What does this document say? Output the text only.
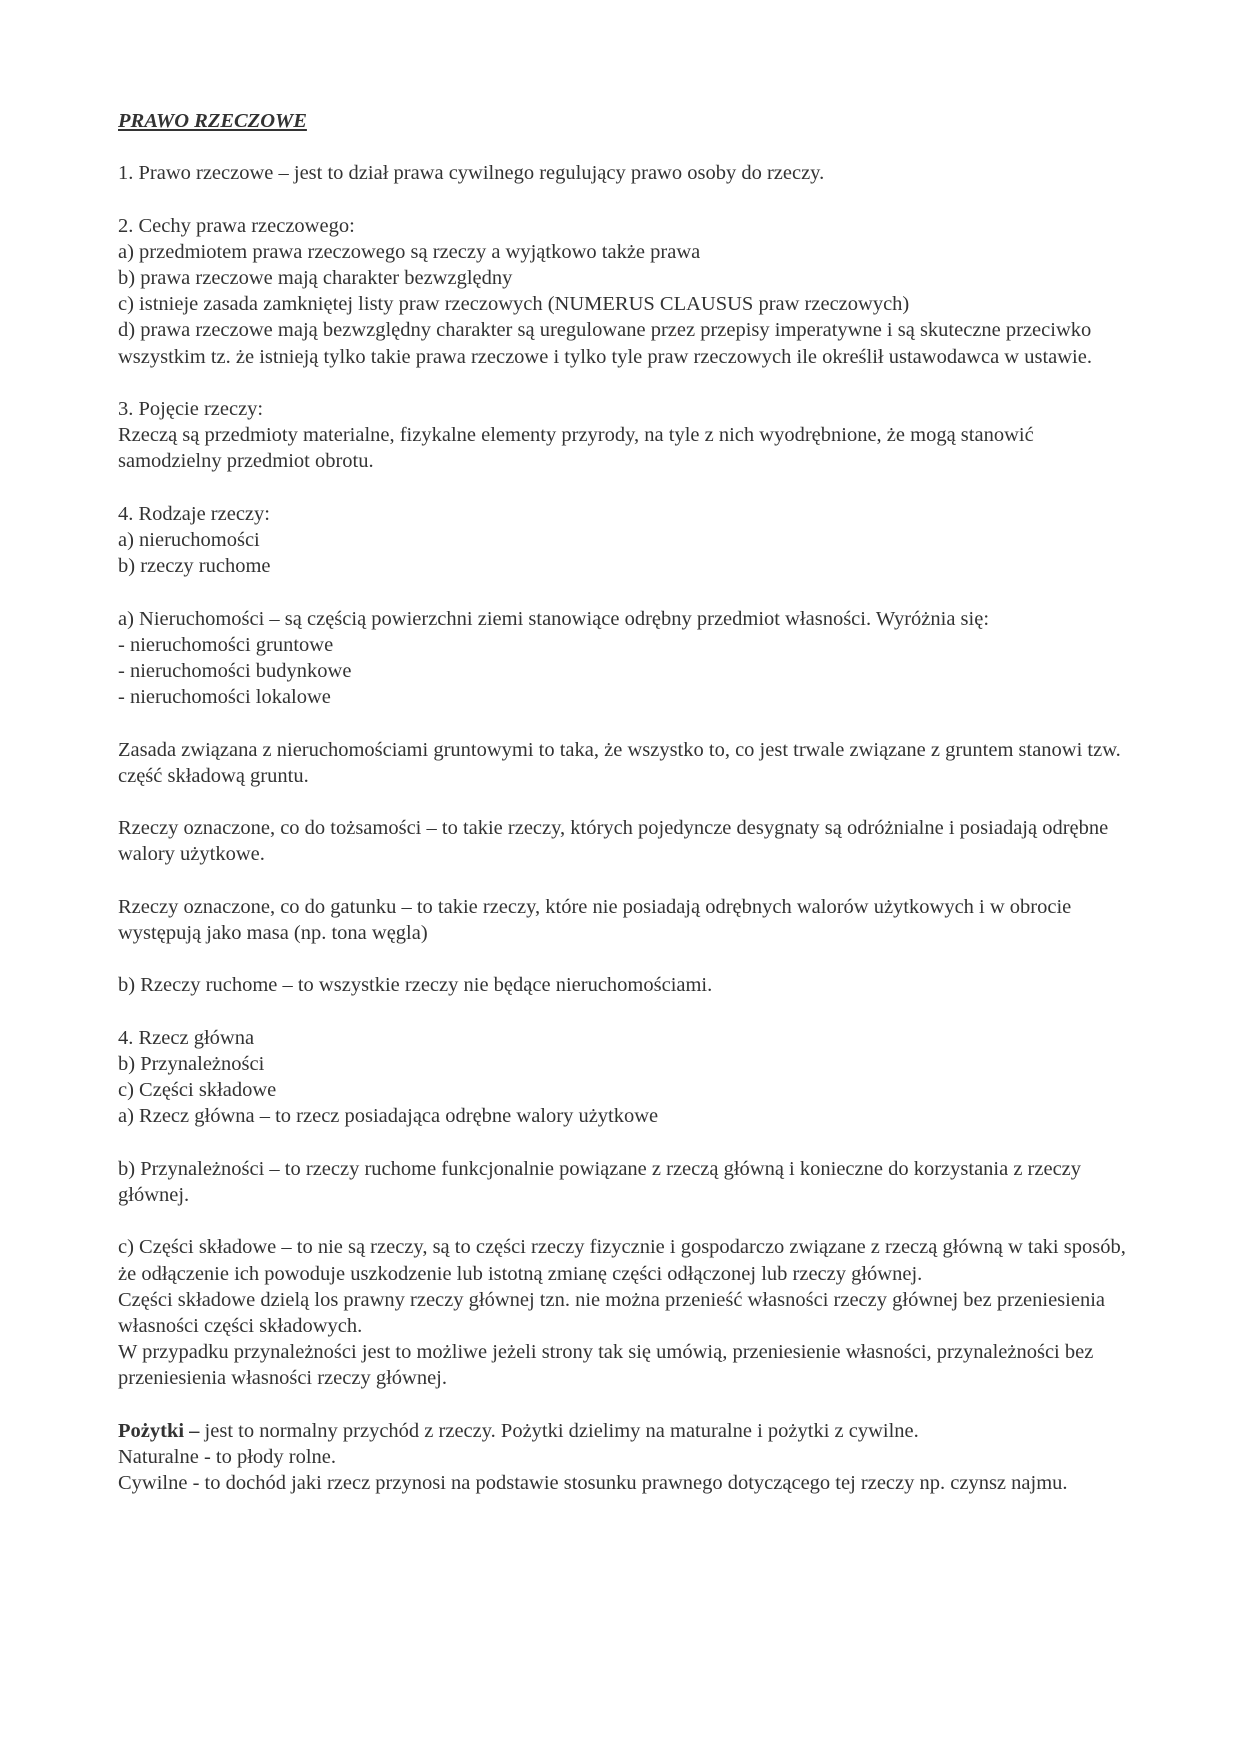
PRAWO RZECZOWE
1. Prawo rzeczowe – jest to dział prawa cywilnego regulujący prawo osoby do rzeczy.
2. Cechy prawa rzeczowego:
a) przedmiotem prawa rzeczowego są rzeczy a wyjątkowo także prawa
b) prawa rzeczowe mają charakter bezwzględny
c) istnieje zasada zamkniętej listy praw rzeczowych (NUMERUS CLAUSUS praw rzeczowych)
d) prawa rzeczowe mają bezwzględny charakter są uregulowane przez przepisy imperatywne i są skuteczne przeciwko wszystkim tz. że istnieją tylko takie prawa rzeczowe i tylko tyle praw rzeczowych ile określił ustawodawca w ustawie.
3. Pojęcie rzeczy:
Rzeczą są przedmioty materialne, fizykalne elementy przyrody, na tyle z nich wyodrębnione, że mogą stanowić samodzielny przedmiot obrotu.
4. Rodzaje rzeczy:
a) nieruchomości
b) rzeczy ruchome
a) Nieruchomości – są częścią powierzchni ziemi stanowiące odrębny przedmiot własności. Wyróżnia się:
- nieruchomości gruntowe
- nieruchomości budynkowe
- nieruchomości lokalowe
Zasada związana z nieruchomościami gruntowymi to taka, że wszystko to, co jest trwale związane z gruntem stanowi tzw. część składową gruntu.
Rzeczy oznaczone, co do tożsamości – to takie rzeczy, których pojedyncze desygnaty są odróżnialne i posiadają odrębne walory użytkowe.
Rzeczy oznaczone, co do gatunku – to takie rzeczy, które nie posiadają odrębnych walorów użytkowych i w obrocie występują jako masa (np. tona węgla)
b) Rzeczy ruchome – to wszystkie rzeczy nie będące nieruchomościami.
4. Rzecz główna
b) Przynależności
c) Części składowe
a) Rzecz główna – to rzecz posiadająca odrębne walory użytkowe
b) Przynależności – to rzeczy ruchome funkcjonalnie powiązane z rzeczą główną i konieczne do korzystania z rzeczy głównej.
c) Części składowe – to nie są rzeczy, są to części rzeczy fizycznie i gospodarczo związane z rzeczą główną w taki sposób, że odłączenie ich powoduje uszkodzenie lub istotną zmianę części odłączonej lub rzeczy głównej.
Części składowe dzielą los prawny rzeczy głównej tzn. nie można przenieść własności rzeczy głównej bez przeniesienia własności części składowych.
W przypadku przynależności jest to możliwe jeżeli strony tak się umówią, przeniesienie własności, przynależności bez przeniesienia własności rzeczy głównej.
Pożytki – jest to normalny przychód z rzeczy. Pożytki dzielimy na maturalne i pożytki z cywilne.
Naturalne - to płody rolne.
Cywilne - to dochód jaki rzecz przynosi na podstawie stosunku prawnego dotyczącego tej rzeczy np. czynsz najmu.
